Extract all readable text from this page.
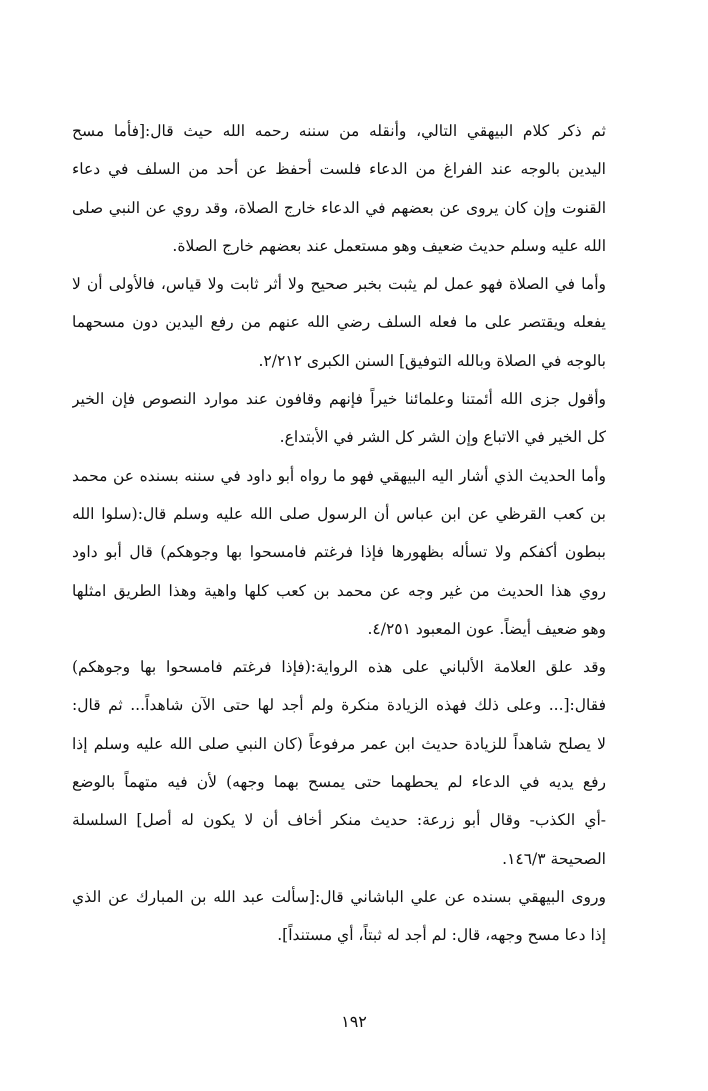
ثم ذكر كلام البيهقي التالي، وأنقله من سننه رحمه الله حيث قال:[فأما مسح
اليدين بالوجه عند الفراغ من الدعاء فلست أحفظ عن أحد من السلف في دعاء
القنوت وإن كان يروى عن بعضهم في الدعاء خارج الصلاة، وقد روي عن النبي صلى
الله عليه وسلم حديث ضعيف وهو مستعمل عند بعضهم خارج الصلاة.
وأما في الصلاة فهو عمل لم يثبت بخبر صحيح ولا أثر ثابت ولا قياس، فالأولى أن لا
يفعله ويقتصر على ما فعله السلف رضي الله عنهم من رفع اليدين دون مسحهما
بالوجه في الصلاة وبالله التوفيق] السنن الكبرى ٢/٢١٢.
وأقول جزى الله أئمتنا وعلمائنا خيراً فإنهم وقافون عند موارد النصوص فإن الخير
كل الخير في الاتباع وإن الشر كل الشر في الأبتداع.
وأما الحديث الذي أشار اليه البيهقي فهو ما رواه أبو داود في سننه بسنده عن محمد
بن كعب القرظي عن ابن عباس أن الرسول صلى الله عليه وسلم قال:(سلوا الله
ببطون أكفكم ولا تسأله بظهورها فإذا فرغتم فامسحوا بها وجوهكم) قال أبو داود
روي هذا الحديث من غير وجه عن محمد بن كعب كلها واهية وهذا الطريق امثلها
وهو ضعيف أيضاً. عون المعبود ٤/٢٥١.
وقد علق العلامة الألباني على هذه الرواية:(فإذا فرغتم فامسحوا بها وجوهكم)
فقال:[... وعلى ذلك فهذه الزيادة منكرة ولم أجد لها حتى الآن شاهداً... ثم قال:
لا يصلح شاهداً للزيادة حديث ابن عمر مرفوعاً (كان النبي صلى الله عليه وسلم إذا
رفع يديه في الدعاء لم يحطهما حتى يمسح بهما وجهه) لأن فيه متهماً بالوضع
-أي الكذب- وقال أبو زرعة: حديث منكر أخاف أن لا يكون له أصل] السلسلة
الصحيحة ١٤٦/٣.
وروى البيهقي بسنده عن علي الباشاني قال:[سألت عبد الله بن المبارك عن الذي
إذا دعا مسح وجهه، قال: لم أجد له ثبتاً، أي مستنداً].
١٩٢
